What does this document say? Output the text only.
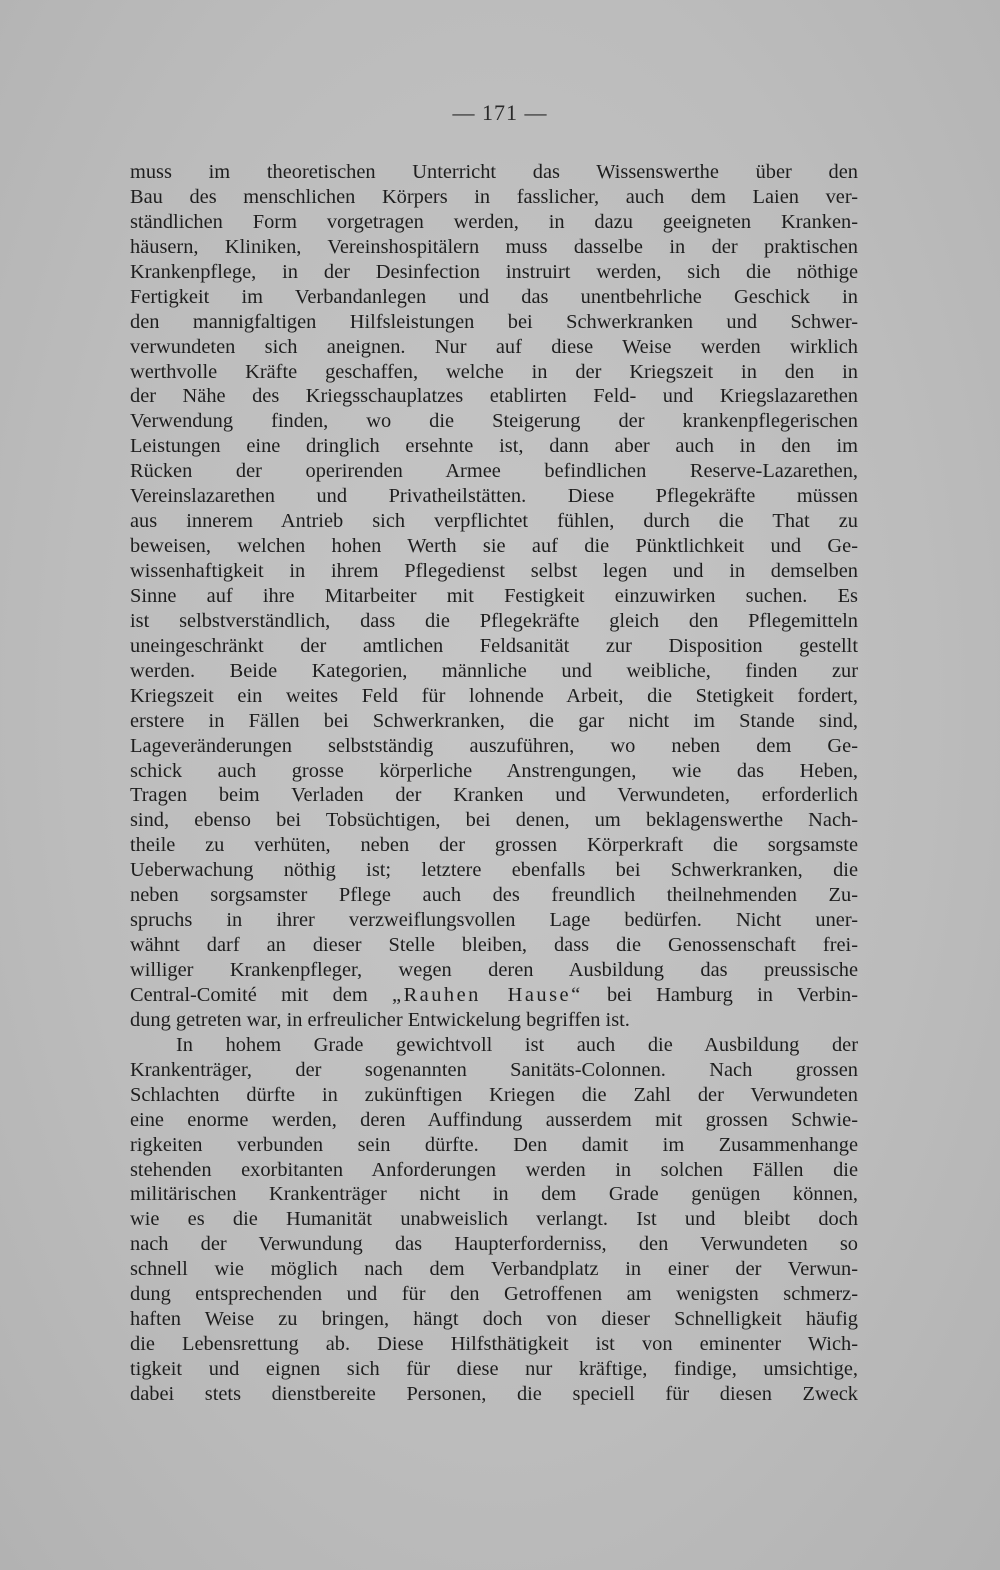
— 171 —
muss im theoretischen Unterricht das Wissenswerthe über den
Bau des menschlichen Körpers in fasslicher, auch dem Laien ver-
ständlichen Form vorgetragen werden, in dazu geeigneten Kranken-
häusern, Kliniken, Vereinshospitälern muss dasselbe in der praktischen
Krankenpflege, in der Desinfection instruirt werden, sich die nöthige
Fertigkeit im Verbandanlegen und das unentbehrliche Geschick in
den mannigfaltigen Hilfsleistungen bei Schwerkranken und Schwer-
verwundeten sich aneignen. Nur auf diese Weise werden wirklich
werthvolle Kräfte geschaffen, welche in der Kriegszeit in den in
der Nähe des Kriegsschauplatzes etablirten Feld- und Kriegslazarethen
Verwendung finden, wo die Steigerung der krankenpflegerischen
Leistungen eine dringlich ersehnte ist, dann aber auch in den im
Rücken der operirenden Armee befindlichen Reserve-Lazarethen,
Vereinslazarethen und Privatheilstätten. Diese Pflegekräfte müssen
aus innerem Antrieb sich verpflichtet fühlen, durch die That zu
beweisen, welchen hohen Werth sie auf die Pünktlichkeit und Ge-
wissenhaftigkeit in ihrem Pflegedienst selbst legen und in demselben
Sinne auf ihre Mitarbeiter mit Festigkeit einzuwirken suchen. Es
ist selbstverständlich, dass die Pflegekräfte gleich den Pflegemitteln
uneingeschränkt der amtlichen Feldsanität zur Disposition gestellt
werden. Beide Kategorien, männliche und weibliche, finden zur
Kriegszeit ein weites Feld für lohnende Arbeit, die Stetigkeit fordert,
erstere in Fällen bei Schwerkranken, die gar nicht im Stande sind,
Lageveränderungen selbstständig auszuführen, wo neben dem Ge-
schick auch grosse körperliche Anstrengungen, wie das Heben,
Tragen beim Verladen der Kranken und Verwundeten, erforderlich
sind, ebenso bei Tobsüchtigen, bei denen, um beklagenswerthe Nach-
theile zu verhüten, neben der grossen Körperkraft die sorgsamste
Ueberwachung nöthig ist; letztere ebenfalls bei Schwerkranken, die
neben sorgsamster Pflege auch des freundlich theilnehmenden Zu-
spruchs in ihrer verzweiflungsvollen Lage bedürfen. Nicht uner-
wähnt darf an dieser Stelle bleiben, dass die Genossenschaft frei-
williger Krankenpfleger, wegen deren Ausbildung das preussische
Central-Comité mit dem „Rauhen Hause“ bei Hamburg in Verbin-
dung getreten war, in erfreulicher Entwickelung begriffen ist.
In hohem Grade gewichtvoll ist auch die Ausbildung der
Krankenträger, der sogenannten Sanitäts-Colonnen. Nach grossen
Schlachten dürfte in zukünftigen Kriegen die Zahl der Verwundeten
eine enorme werden, deren Auffindung ausserdem mit grossen Schwie-
rigkeiten verbunden sein dürfte. Den damit im Zusammenhange
stehenden exorbitanten Anforderungen werden in solchen Fällen die
militärischen Krankenträger nicht in dem Grade genügen können,
wie es die Humanität unabweislich verlangt. Ist und bleibt doch
nach der Verwundung das Haupterforderniss, den Verwundeten so
schnell wie möglich nach dem Verbandplatz in einer der Verwun-
dung entsprechenden und für den Getroffenen am wenigsten schmerz-
haften Weise zu bringen, hängt doch von dieser Schnelligkeit häufig
die Lebensrettung ab. Diese Hilfsthätigkeit ist von eminenter Wich-
tigkeit und eignen sich für diese nur kräftige, findige, umsichtige,
dabei stets dienstbereite Personen, die speciell für diesen Zweck
